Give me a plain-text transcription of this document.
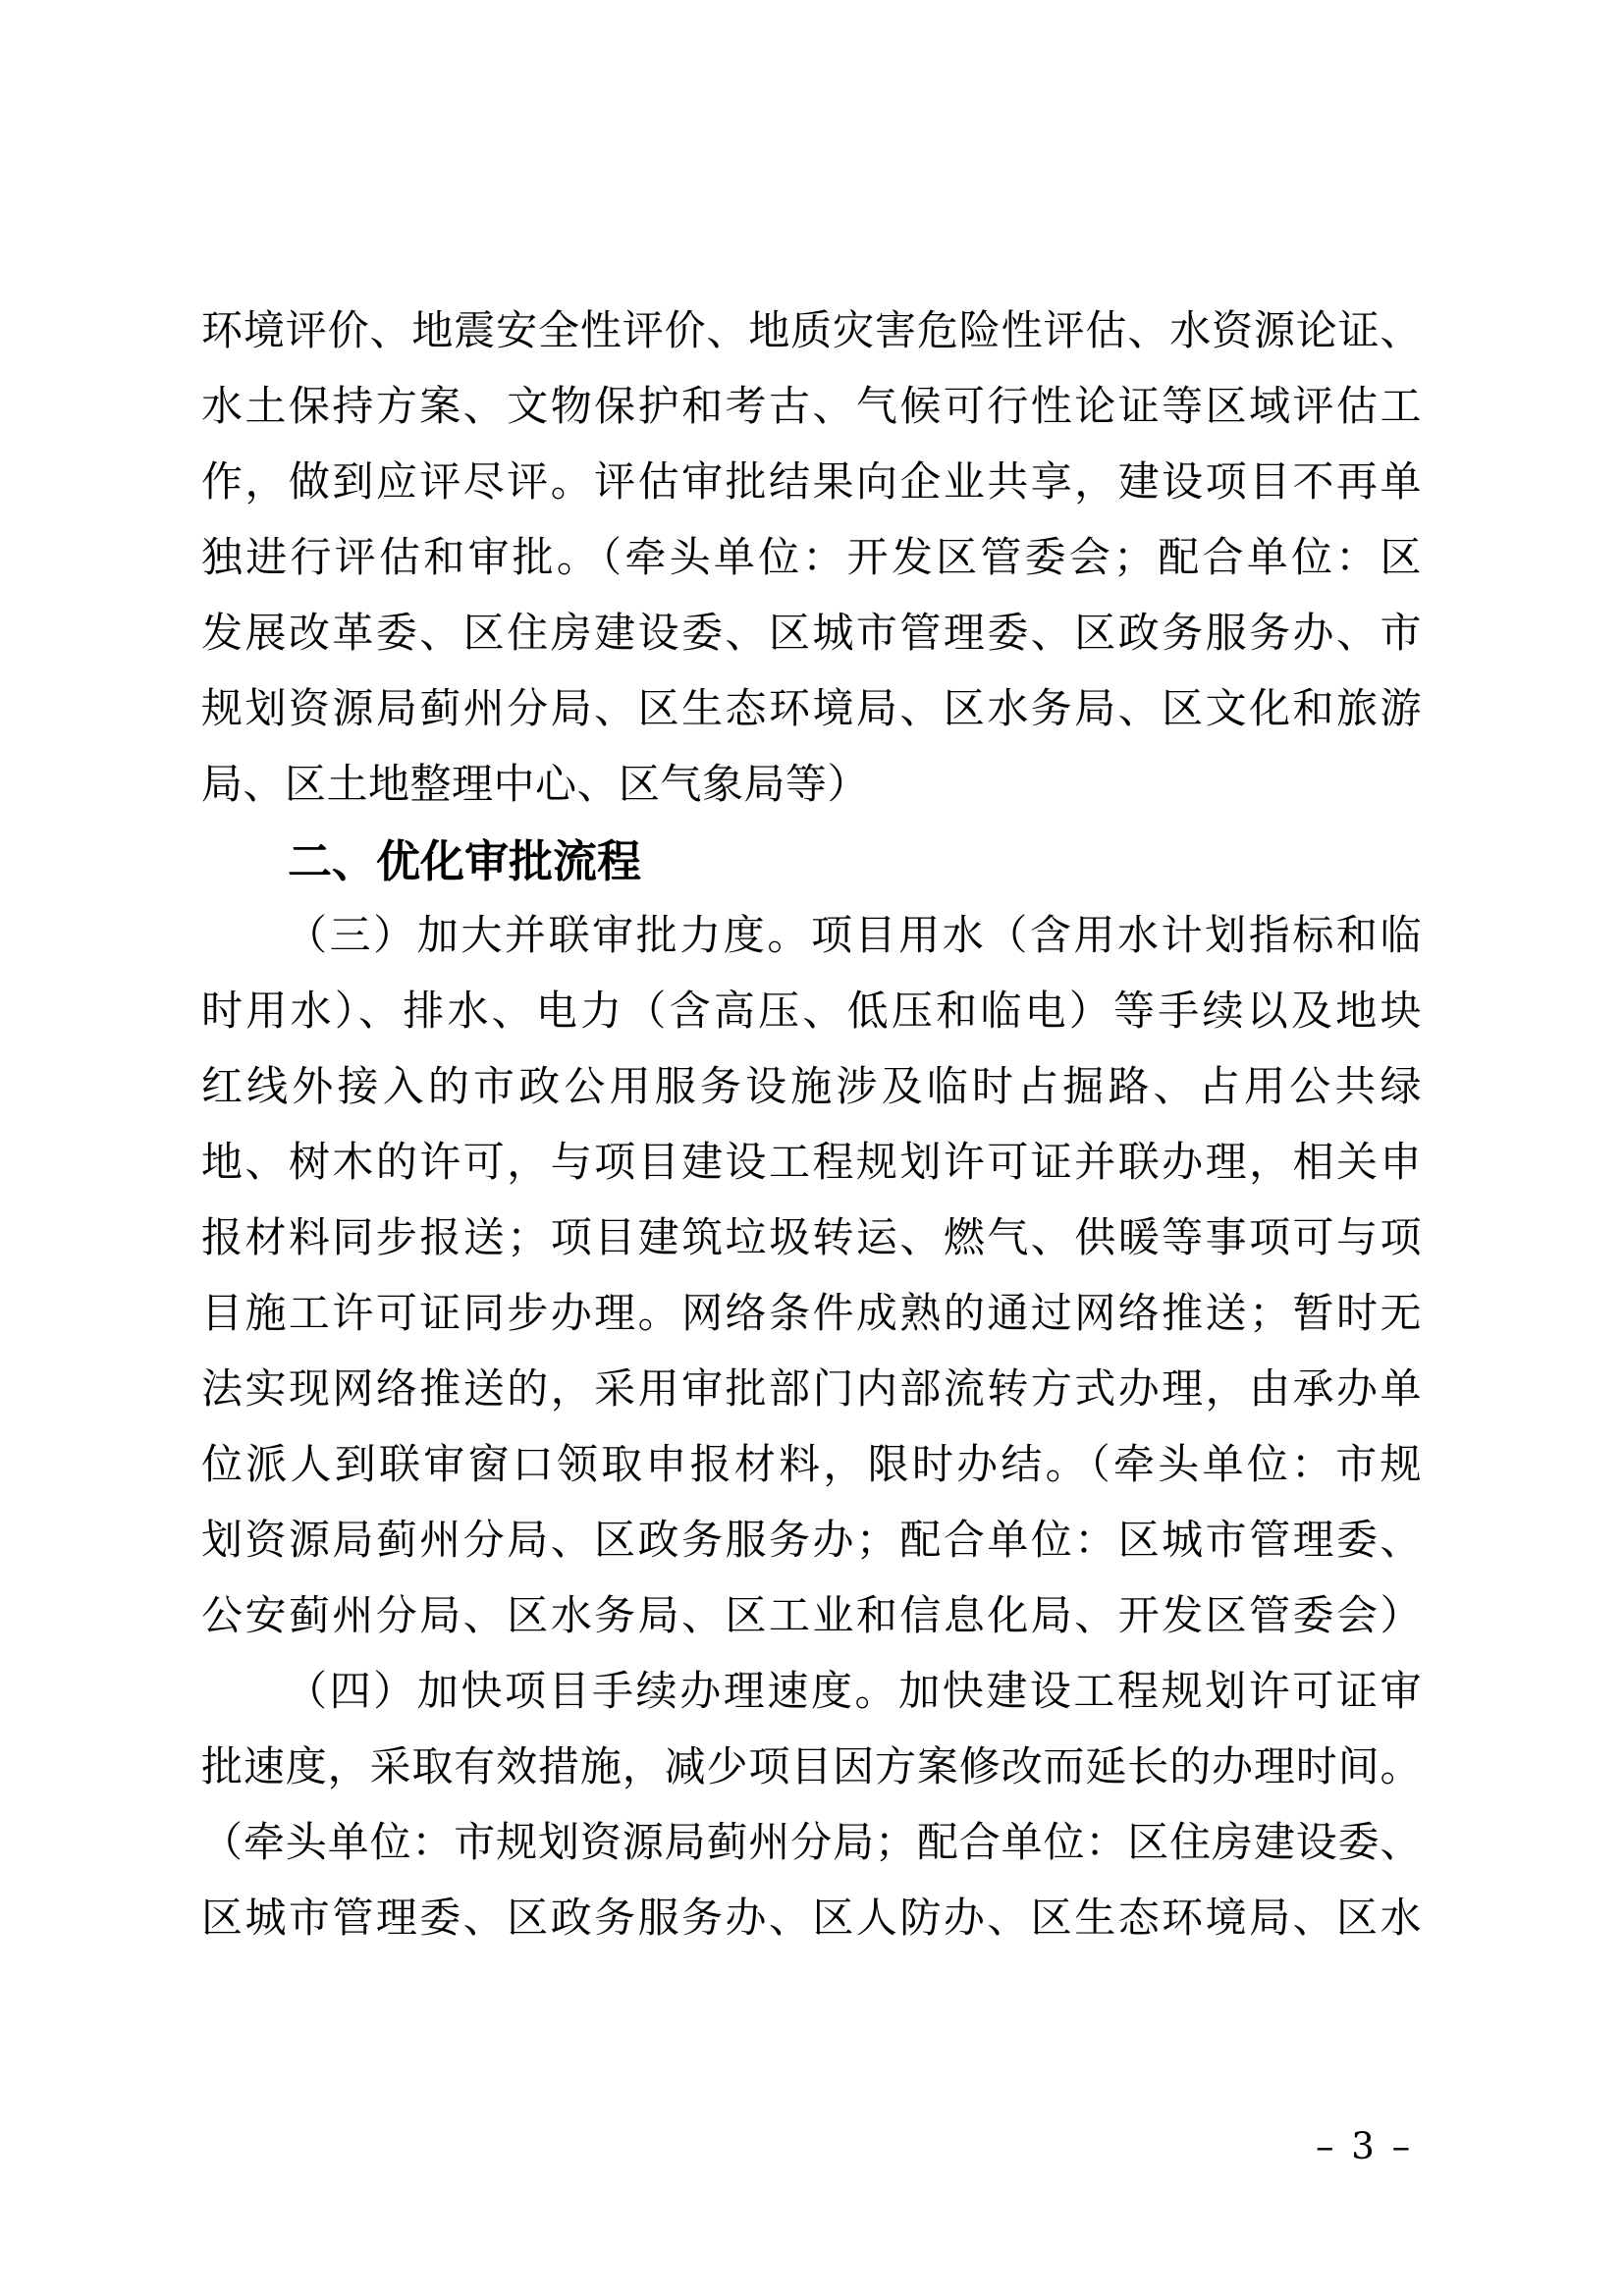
环境评价、地震安全性评价、地质灾害危险性评估、水资源论证、
水土保持方案、文物保护和考古、气候可行性论证等区域评估工
作，做到应评尽评。评估审批结果向企业共享，建设项目不再单
独进行评估和审批。（牵头单位：开发区管委会；配合单位：区
发展改革委、区住房建设委、区城市管理委、区政务服务办、市
规划资源局蓟州分局、区生态环境局、区水务局、区文化和旅游
局、区土地整理中心、区气象局等）
二、优化审批流程
（三）加大并联审批力度。项目用水（含用水计划指标和临
时用水）、排水、电力（含高压、低压和临电）等手续以及地块
红线外接入的市政公用服务设施涉及临时占掘路、占用公共绿
地、树木的许可，与项目建设工程规划许可证并联办理，相关申
报材料同步报送；项目建筑垃圾转运、燃气、供暖等事项可与项
目施工许可证同步办理。网络条件成熟的通过网络推送；暂时无
法实现网络推送的，采用审批部门内部流转方式办理，由承办单
位派人到联审窗口领取申报材料，限时办结。（牵头单位：市规
划资源局蓟州分局、区政务服务办；配合单位：区城市管理委、
公安蓟州分局、区水务局、区工业和信息化局、开发区管委会）
（四）加快项目手续办理速度。加快建设工程规划许可证审
批速度，采取有效措施，减少项目因方案修改而延长的办理时间。
（牵头单位：市规划资源局蓟州分局；配合单位：区住房建设委、
区城市管理委、区政务服务办、区人防办、区生态环境局、区水
– 3 –
